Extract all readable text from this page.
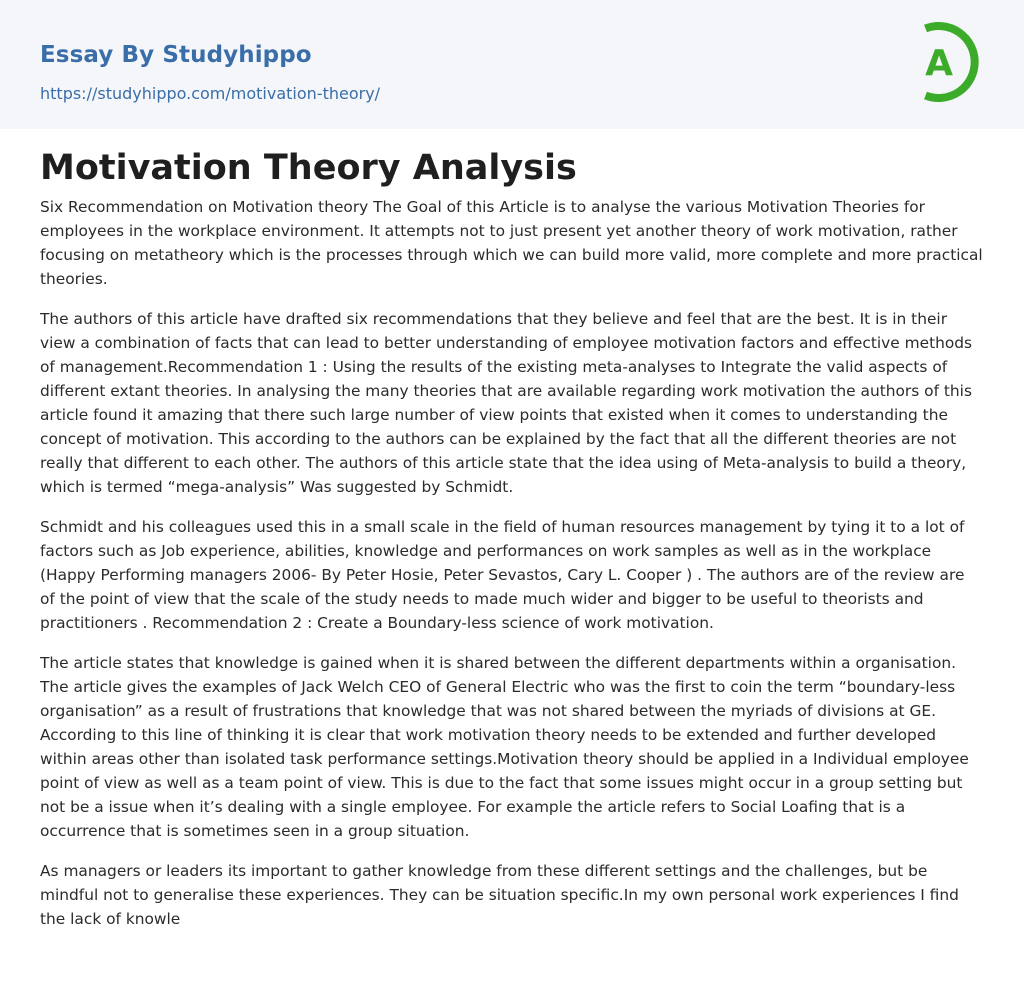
Essay By Studyhippo
https://studyhippo.com/motivation-theory/
A
Motivation Theory Analysis

Six Recommendation on Motivation theory The Goal of this Article is to analyse the various Motivation Theories for employees in the workplace environment. It attempts not to just present yet another theory of work motivation, rather focusing on metatheory which is the processes through which we can build more valid, more complete and more practical theories.

The authors of this article have drafted six recommendations that they believe and feel that are the best. It is in their view a combination of facts that can lead to better understanding of employee motivation factors and effective methods of management.Recommendation 1 : Using the results of the existing meta-analyses to Integrate the valid aspects of different extant theories. In analysing the many theories that are available regarding work motivation the authors of this article found it amazing that there such large number of view points that existed when it comes to understanding the concept of motivation. This according to the authors can be explained by the fact that all the different theories are not really that different to each other. The authors of this article state that the idea using of Meta-analysis to build a theory, which is termed “mega-analysis” Was suggested by Schmidt.

Schmidt and his colleagues used this in a small scale in the field of human resources management by tying it to a lot of factors such as Job experience, abilities, knowledge and performances on work samples as well as in the workplace (Happy Performing managers 2006- By Peter Hosie, Peter Sevastos, Cary L. Cooper ) . The authors are of the review are of the point of view that the scale of the study needs to made much wider and bigger to be useful to theorists and practitioners . Recommendation 2 : Create a Boundary-less science of work motivation.

The article states that knowledge is gained when it is shared between the different departments within a organisation. The article gives the examples of Jack Welch CEO of General Electric who was the first to coin the term “boundary-less organisation” as a result of frustrations that knowledge that was not shared between the myriads of divisions at GE. According to this line of thinking it is clear that work motivation theory needs to be extended and further developed within areas other than isolated task performance settings.Motivation theory should be applied in a Individual employee point of view as well as a team point of view. This is due to the fact that some issues might occur in a group setting but not be a issue when it’s dealing with a single employee. For example the article refers to Social Loafing that is a occurrence that is sometimes seen in a group situation.

As managers or leaders its important to gather knowledge from these different settings and the challenges, but be mindful not to generalise these experiences. They can be situation specific.In my own personal work experiences I find the lack of knowle
